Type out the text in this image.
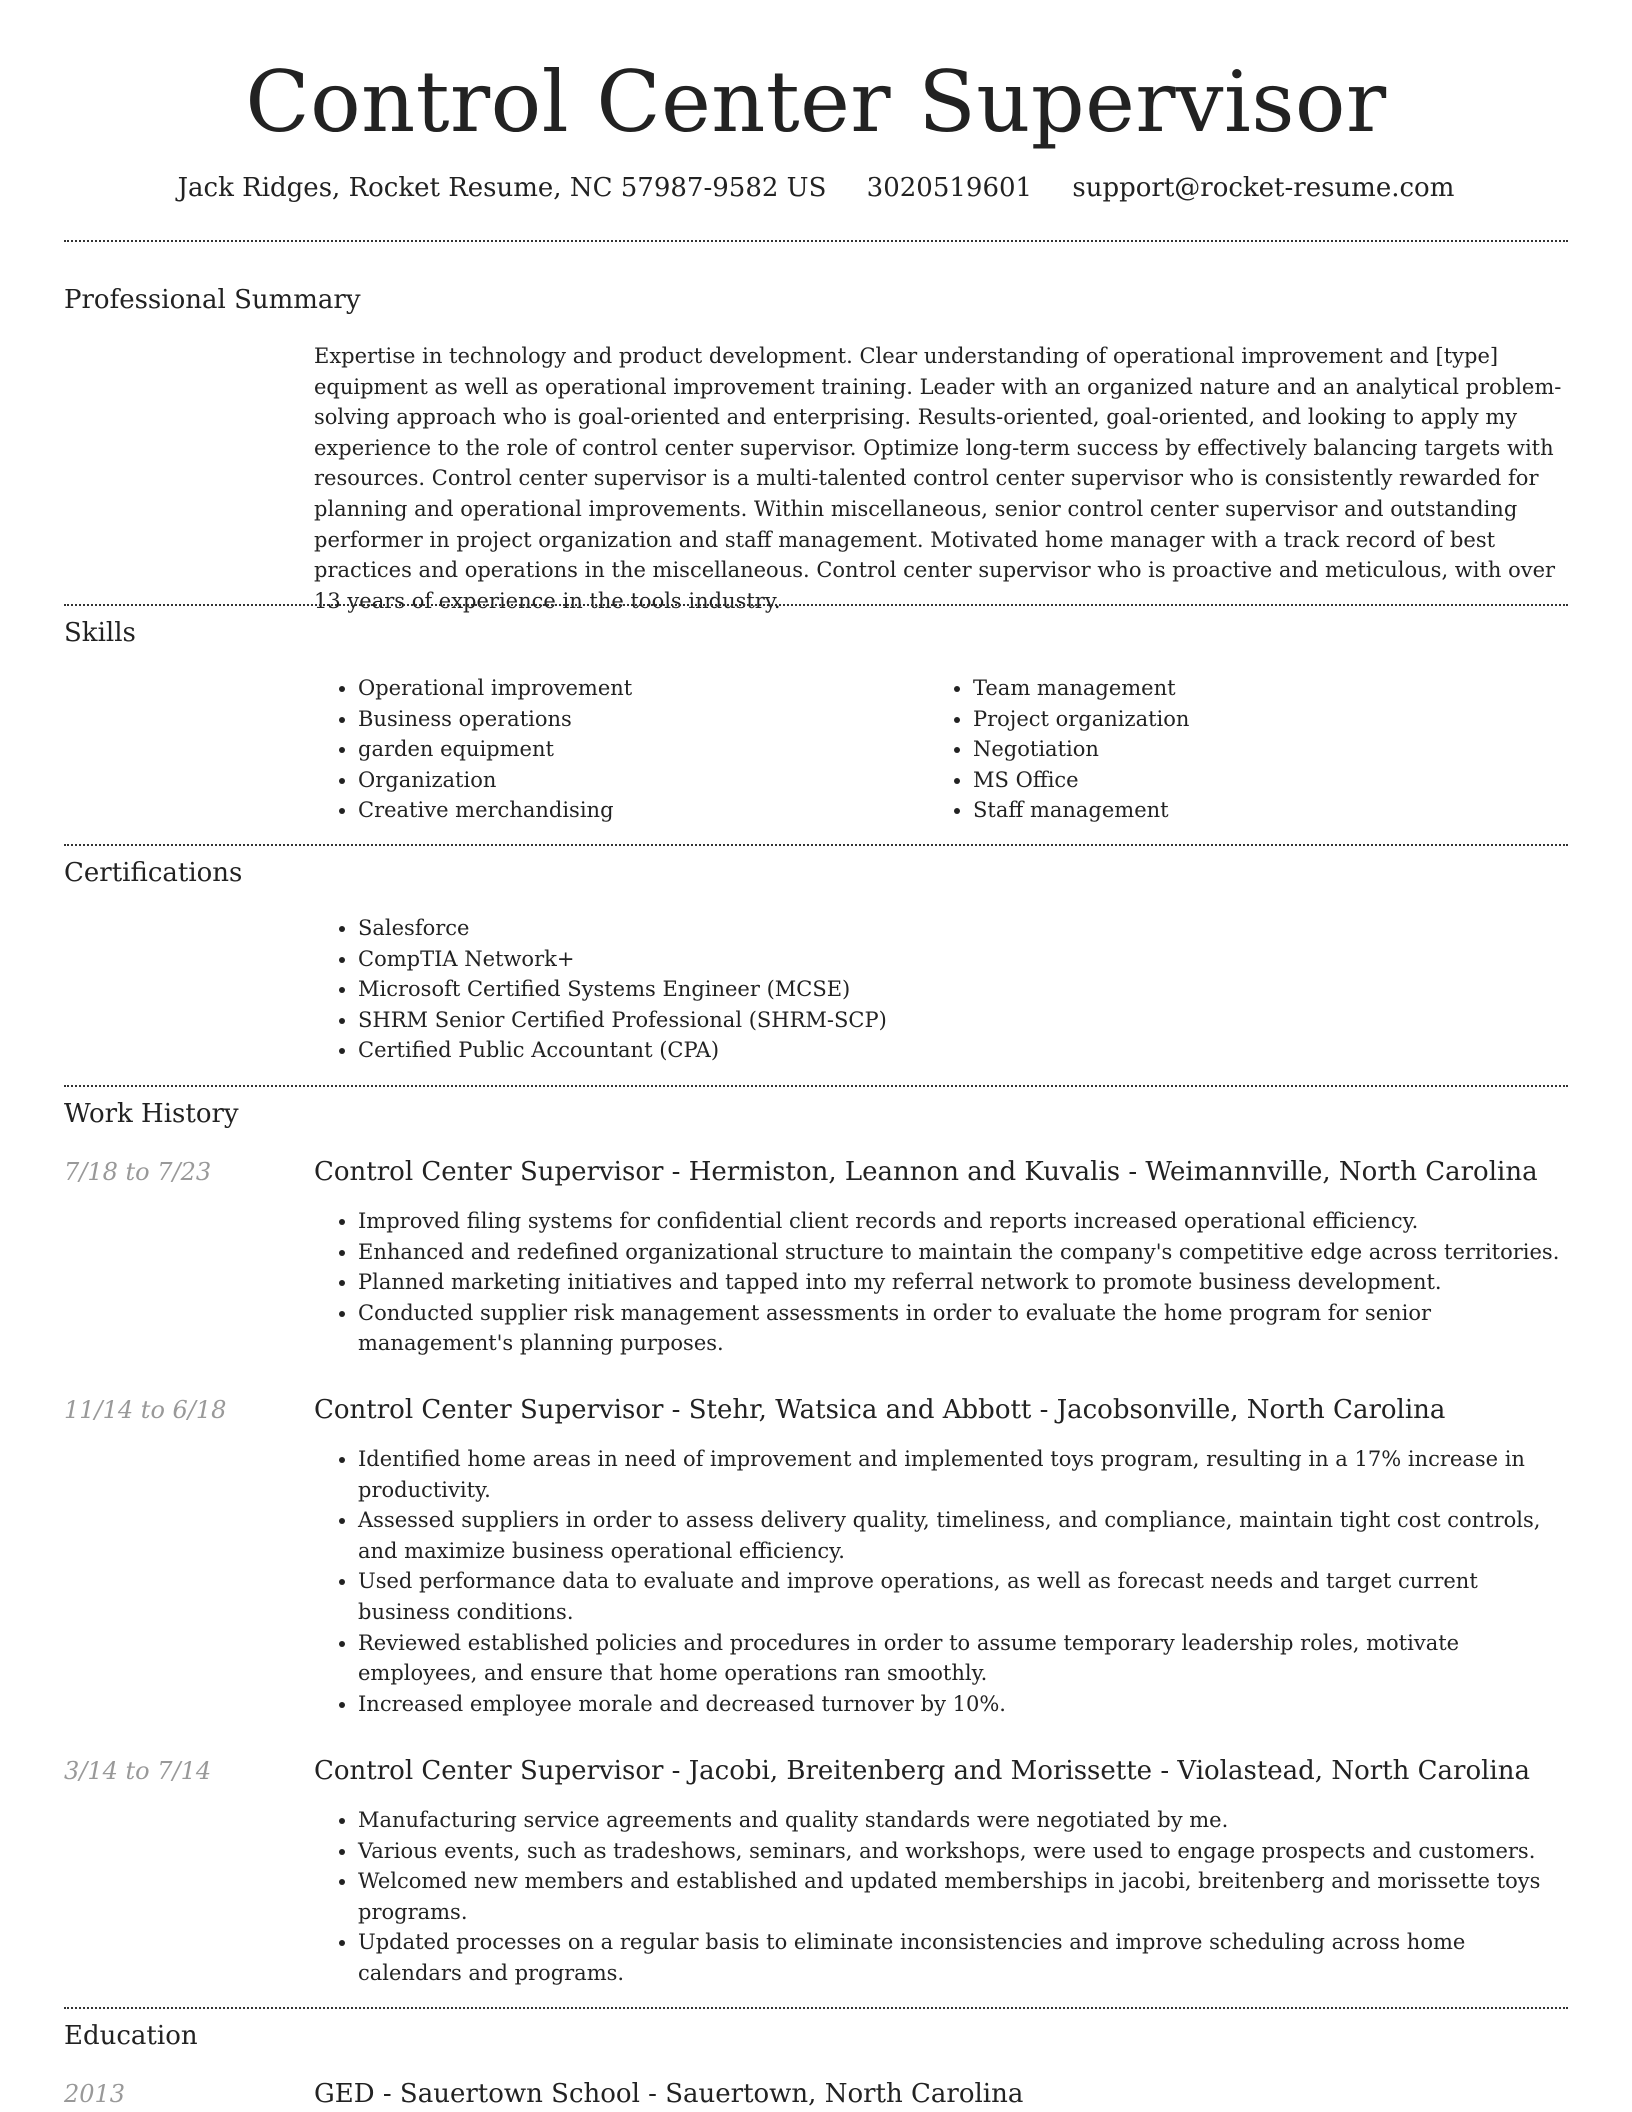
Control Center Supervisor
Jack Ridges, Rocket Resume, NC 57987-9582 US 3020519601 support@rocket-resume.com
Professional Summary

Expertise in technology and product development. Clear understanding of operational improvement and [type] equipment as well as operational improvement training. Leader with an organized nature and an analytical problem-solving approach who is goal-oriented and enterprising. Results-oriented, goal-oriented, and looking to apply my experience to the role of control center supervisor. Optimize long-term success by effectively balancing targets with resources. Control center supervisor is a multi-talented control center supervisor who is consistently rewarded for planning and operational improvements. Within miscellaneous, senior control center supervisor and outstanding performer in project organization and staff management. Motivated home manager with a track record of best practices and operations in the miscellaneous. Control center supervisor who is proactive and meticulous, with over 13 years of experience in the tools industry.

Skills
• Operational improvement
• Business operations
• garden equipment
• Organization
• Creative merchandising
• Team management
• Project organization
• Negotiation
• MS Office
• Staff management
Certifications
• Salesforce
• CompTIA Network+
• Microsoft Certified Systems Engineer (MCSE)
• SHRM Senior Certified Professional (SHRM-SCP)
• Certified Public Accountant (CPA)
Work History
7/18 to 7/23	Control Center Supervisor - Hermiston, Leannon and Kuvalis - Weimannville, North Carolina
• Improved filing systems for confidential client records and reports increased operational efficiency.
• Enhanced and redefined organizational structure to maintain the company's competitive edge across territories.
• Planned marketing initiatives and tapped into my referral network to promote business development.
• Conducted supplier risk management assessments in order to evaluate the home program for senior management's planning purposes.
11/14 to 6/18	Control Center Supervisor - Stehr, Watsica and Abbott - Jacobsonville, North Carolina
• Identified home areas in need of improvement and implemented toys program, resulting in a 17% increase in productivity.
• Assessed suppliers in order to assess delivery quality, timeliness, and compliance, maintain tight cost controls, and maximize business operational efficiency.
• Used performance data to evaluate and improve operations, as well as forecast needs and target current business conditions.
• Reviewed established policies and procedures in order to assume temporary leadership roles, motivate employees, and ensure that home operations ran smoothly.
• Increased employee morale and decreased turnover by 10%.
3/14 to 7/14	Control Center Supervisor - Jacobi, Breitenberg and Morissette - Violastead, North Carolina
• Manufacturing service agreements and quality standards were negotiated by me.
• Various events, such as tradeshows, seminars, and workshops, were used to engage prospects and customers.
• Welcomed new members and established and updated memberships in jacobi, breitenberg and morissette toys programs.
• Updated processes on a regular basis to eliminate inconsistencies and improve scheduling across home calendars and programs.
Education
2013	GED - Sauertown School - Sauertown, North Carolina
